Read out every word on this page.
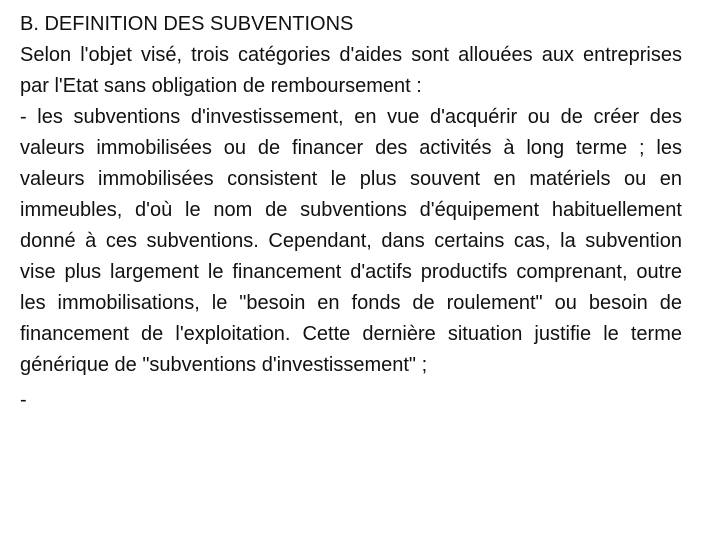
B. DEFINITION DES SUBVENTIONS

Selon l'objet visé, trois catégories d'aides sont allouées aux entreprises par l'Etat sans obligation de remboursement :

- les subventions d'investissement, en vue d'acquérir ou de créer des valeurs immobilisées ou de financer des activités à long terme ; les valeurs immobilisées consistent le plus souvent en matériels ou en immeubles, d'où le nom de subventions d'équipement habituellement donné à ces subventions. Cependant, dans certains cas, la subvention vise plus largement le financement d'actifs productifs comprenant, outre les immobilisations, le "besoin en fonds de roulement" ou besoin de financement de l'exploitation. Cette dernière situation justifie le terme générique de "subventions d'investissement" ;

-
